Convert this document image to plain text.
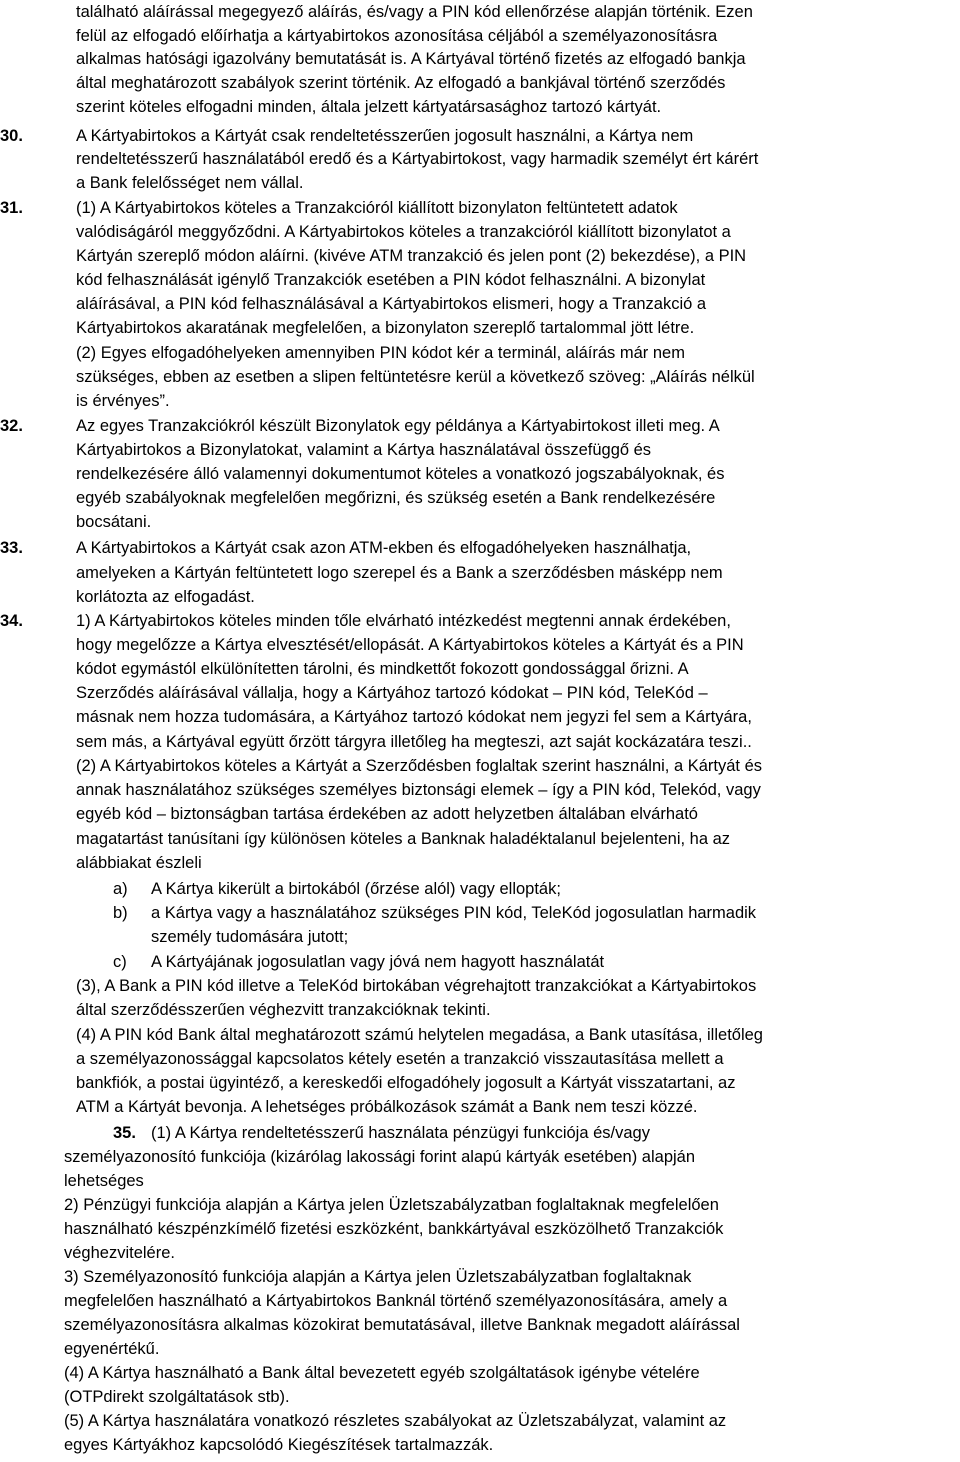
található aláírással megegyező aláírás, és/vagy a PIN kód ellenőrzése alapján történik. Ezen

felül az elfogadó előírhatja a kártyabirtokos azonosítása céljából a személyazonosításra

alkalmas hatósági igazolvány bemutatását is. A Kártyával történő fizetés az elfogadó bankja

által meghatározott szabályok szerint történik. Az elfogadó a bankjával történő szerződés

szerint köteles elfogadni minden, általa jelzett kártyatársasághoz tartozó kártyát.

30.	A Kártyabirtokos a Kártyát csak rendeltetésszerűen jogosult használni, a Kártya nem

rendeltetésszerű használatából eredő és a Kártyabirtokost, vagy harmadik személyt ért kárért

a Bank felelősséget nem vállal.

31.	(1) A Kártyabirtokos köteles a Tranzakcióról kiállított bizonylaton feltüntetett adatok

valódiságáról meggyőződni. A Kártyabirtokos köteles a tranzakcióról kiállított bizonylatot a

Kártyán szereplő módon aláírni. (kivéve ATM tranzakció és jelen pont (2) bekezdése), a PIN

kód felhasználását igénylő Tranzakciók esetében a PIN kódot felhasználni. A bizonylat

aláírásával, a PIN kód felhasználásával a Kártyabirtokos elismeri, hogy a Tranzakció a

Kártyabirtokos akaratának megfelelően, a bizonylaton szereplő tartalommal jött létre.

(2) Egyes elfogadóhelyeken amennyiben PIN kódot kér a terminál, aláírás már nem

szükséges, ebben az esetben a slipen feltüntetésre kerül a következő szöveg: „Aláírás nélkül

is érvényes”.

32.	Az egyes Tranzakciókról készült Bizonylatok egy példánya a Kártyabirtokost illeti meg. A

Kártyabirtokos a Bizonylatokat, valamint a Kártya használatával összefüggő és

rendelkezésére álló valamennyi dokumentumot köteles a vonatkozó jogszabályoknak, és

egyéb szabályoknak megfelelően megőrizni, és szükség esetén a Bank rendelkezésére

bocsátani.

33.	A Kártyabirtokos a Kártyát csak azon ATM-ekben és elfogadóhelyeken használhatja,

amelyeken a Kártyán feltüntetett logo szerepel és a Bank a szerződésben másképp nem

korlátozta az elfogadást.

34.	1) A Kártyabirtokos köteles minden tőle elvárható intézkedést megtenni annak érdekében,

hogy megelőzze a Kártya elvesztését/ellopását. A Kártyabirtokos köteles a Kártyát és a PIN

kódot egymástól elkülönítetten tárolni, és mindkettőt fokozott gondossággal őrizni. A

Szerződés aláírásával vállalja, hogy a Kártyához tartozó kódokat – PIN kód, TeleKód –

másnak nem hozza tudomására, a Kártyához tartozó kódokat nem jegyzi fel sem a Kártyára,

sem más, a Kártyával együtt őrzött tárgyra illetőleg ha megteszi, azt saját kockázatára teszi..

(2) A Kártyabirtokos köteles a Kártyát a Szerződésben foglaltak szerint használni, a Kártyát és

annak használatához szükséges személyes biztonsági elemek – így a PIN kód, Telekód, vagy

egyéb kód – biztonságban tartása érdekében az adott helyzetben általában elvárható

magatartást tanúsítani így különösen köteles a Banknak haladéktalanul bejelenteni, ha az

alábbiakat észleli

a) A Kártya kikerült a birtokából (őrzése alól) vagy ellopták;

b) a Kártya vagy a használatához szükséges PIN kód, TeleKód jogosulatlan harmadik

személy tudomására jutott;

c) A Kártyájának jogosulatlan vagy jóvá nem hagyott használatát

(3), A Bank a PIN kód illetve a TeleKód birtokában végrehajtott tranzakciókat a Kártyabirtokos

által szerződésszerűen véghezvitt tranzakcióknak tekinti.

(4) A PIN kód Bank által meghatározott számú helytelen megadása, a Bank utasítása, illetőleg

a személyazonossággal kapcsolatos kétely esetén a tranzakció visszautasítása mellett a

bankfiók, a postai ügyintéző, a kereskedői elfogadóhely jogosult a Kártyát visszatartani, az

ATM a Kártyát bevonja. A lehetséges próbálkozások számát a Bank nem teszi közzé.

35. (1) A Kártya rendeltetésszerű használata pénzügyi funkciója és/vagy

személyazonosító funkciója (kizárólag lakossági forint alapú kártyák esetében) alapján

lehetséges

2) Pénzügyi funkciója alapján a Kártya jelen Üzletszabályzatban foglaltaknak megfelelően

használható készpénzkímélő fizetési eszközként, bankkártyával eszközölhető Tranzakciók

véghezvitelére.

3) Személyazonosító funkciója alapján a Kártya jelen Üzletszabályzatban foglaltaknak

megfelelően használható a Kártyabirtokos Banknál történő személyazonosítására, amely a

személyazonosításra alkalmas közokirat bemutatásával, illetve Banknak megadott aláírással

egyenértékű.

(4) A Kártya használható a Bank által bevezetett egyéb szolgáltatások igénybe vételére

(OTPdirekt szolgáltatások stb).

(5) A Kártya használatára vonatkozó részletes szabályokat az Üzletszabályzat, valamint az

egyes Kártyákhoz kapcsolódó Kiegészítések tartalmazzák.
